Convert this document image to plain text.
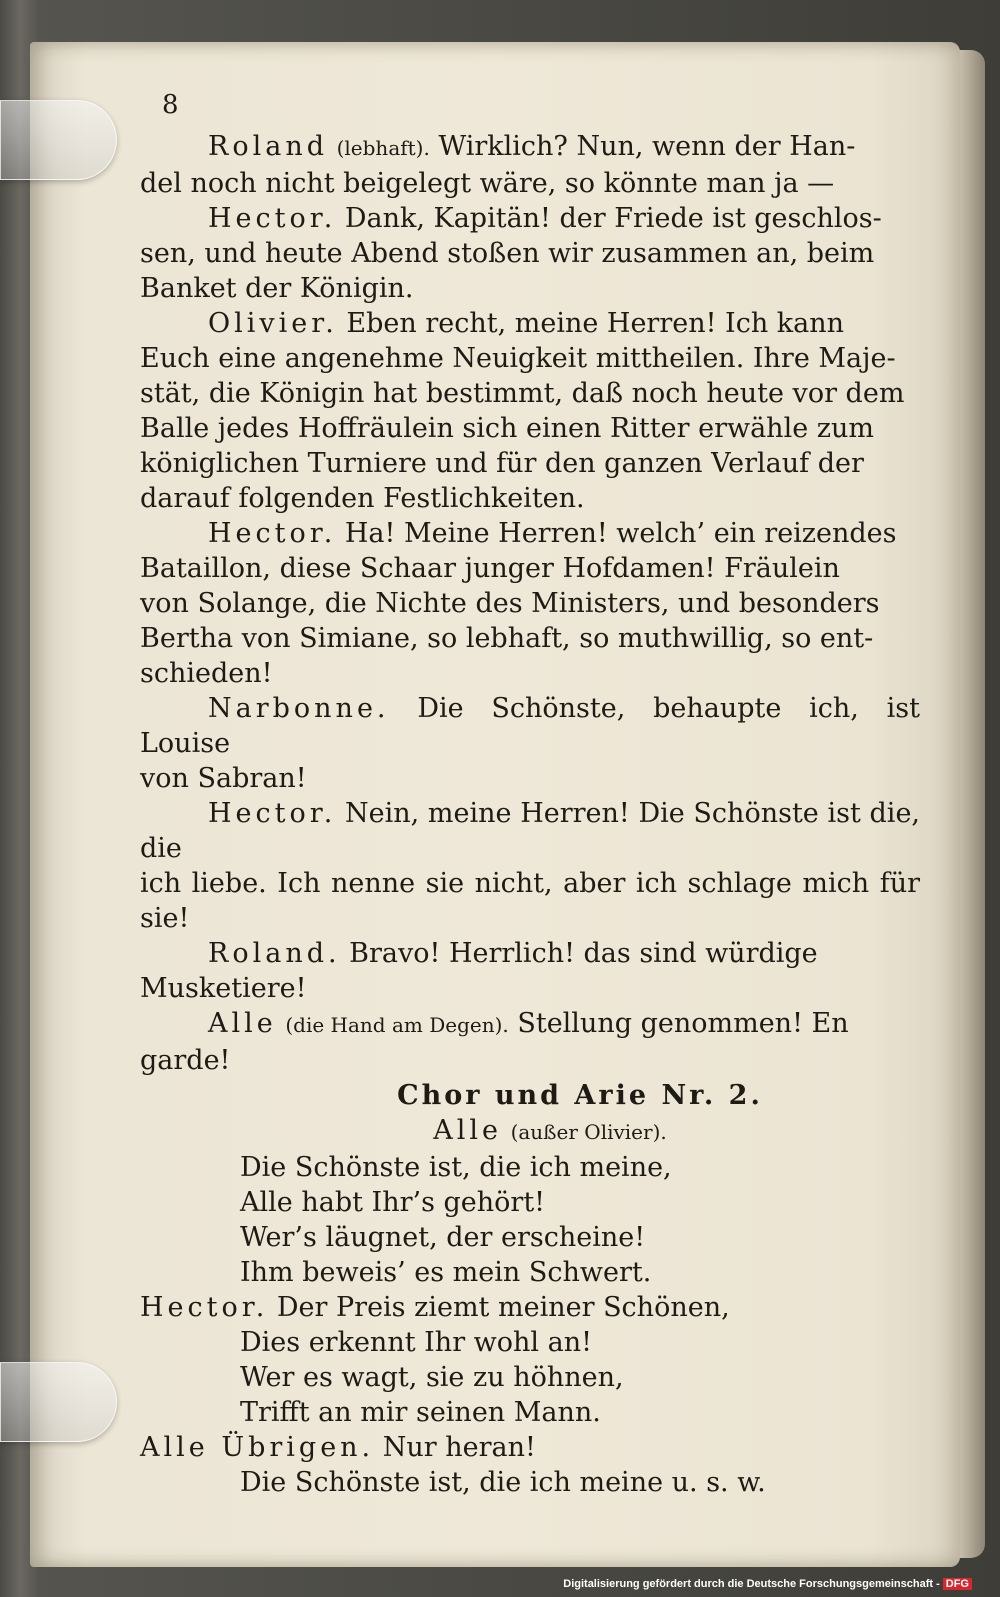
8

Roland (lebhaft). Wirklich? Nun, wenn der Han-

del noch nicht beigelegt wäre, so könnte man ja —

Hector. Dank, Kapitän! der Friede ist geschlos-

sen, und heute Abend stoßen wir zusammen an, beim

Banket der Königin.

Olivier. Eben recht, meine Herren! Ich kann

Euch eine angenehme Neuigkeit mittheilen. Ihre Maje-

stät, die Königin hat bestimmt, daß noch heute vor dem

Balle jedes Hoffräulein sich einen Ritter erwähle zum

königlichen Turniere und für den ganzen Verlauf der

darauf folgenden Festlichkeiten.

Hector. Ha! Meine Herren! welch’ ein reizendes

Bataillon, diese Schaar junger Hofdamen! Fräulein

von Solange, die Nichte des Ministers, und besonders

Bertha von Simiane, so lebhaft, so muthwillig, so ent-

schieden!

Narbonne. Die Schönste, behaupte ich, ist Louise

von Sabran!

Hector. Nein, meine Herren! Die Schönste ist die, die

ich liebe. Ich nenne sie nicht, aber ich schlage mich für sie!

Roland. Bravo! Herrlich! das sind würdige

Musketiere!

Alle (die Hand am Degen). Stellung genommen! En

garde!

Chor und Arie Nr. 2.

Alle (außer Olivier).

Die Schönste ist, die ich meine,

Alle habt Ihr’s gehört!

Wer’s läugnet, der erscheine!

Ihm beweis’ es mein Schwert.

Hector. Der Preis ziemt meiner Schönen,

Dies erkennt Ihr wohl an!

Wer es wagt, sie zu höhnen,

Trifft an mir seinen Mann.

Alle Übrigen. Nur heran!

Die Schönste ist, die ich meine u. s. w.

Digitalisierung gefördert durch die Deutsche Forschungsgemeinschaft - DFG
